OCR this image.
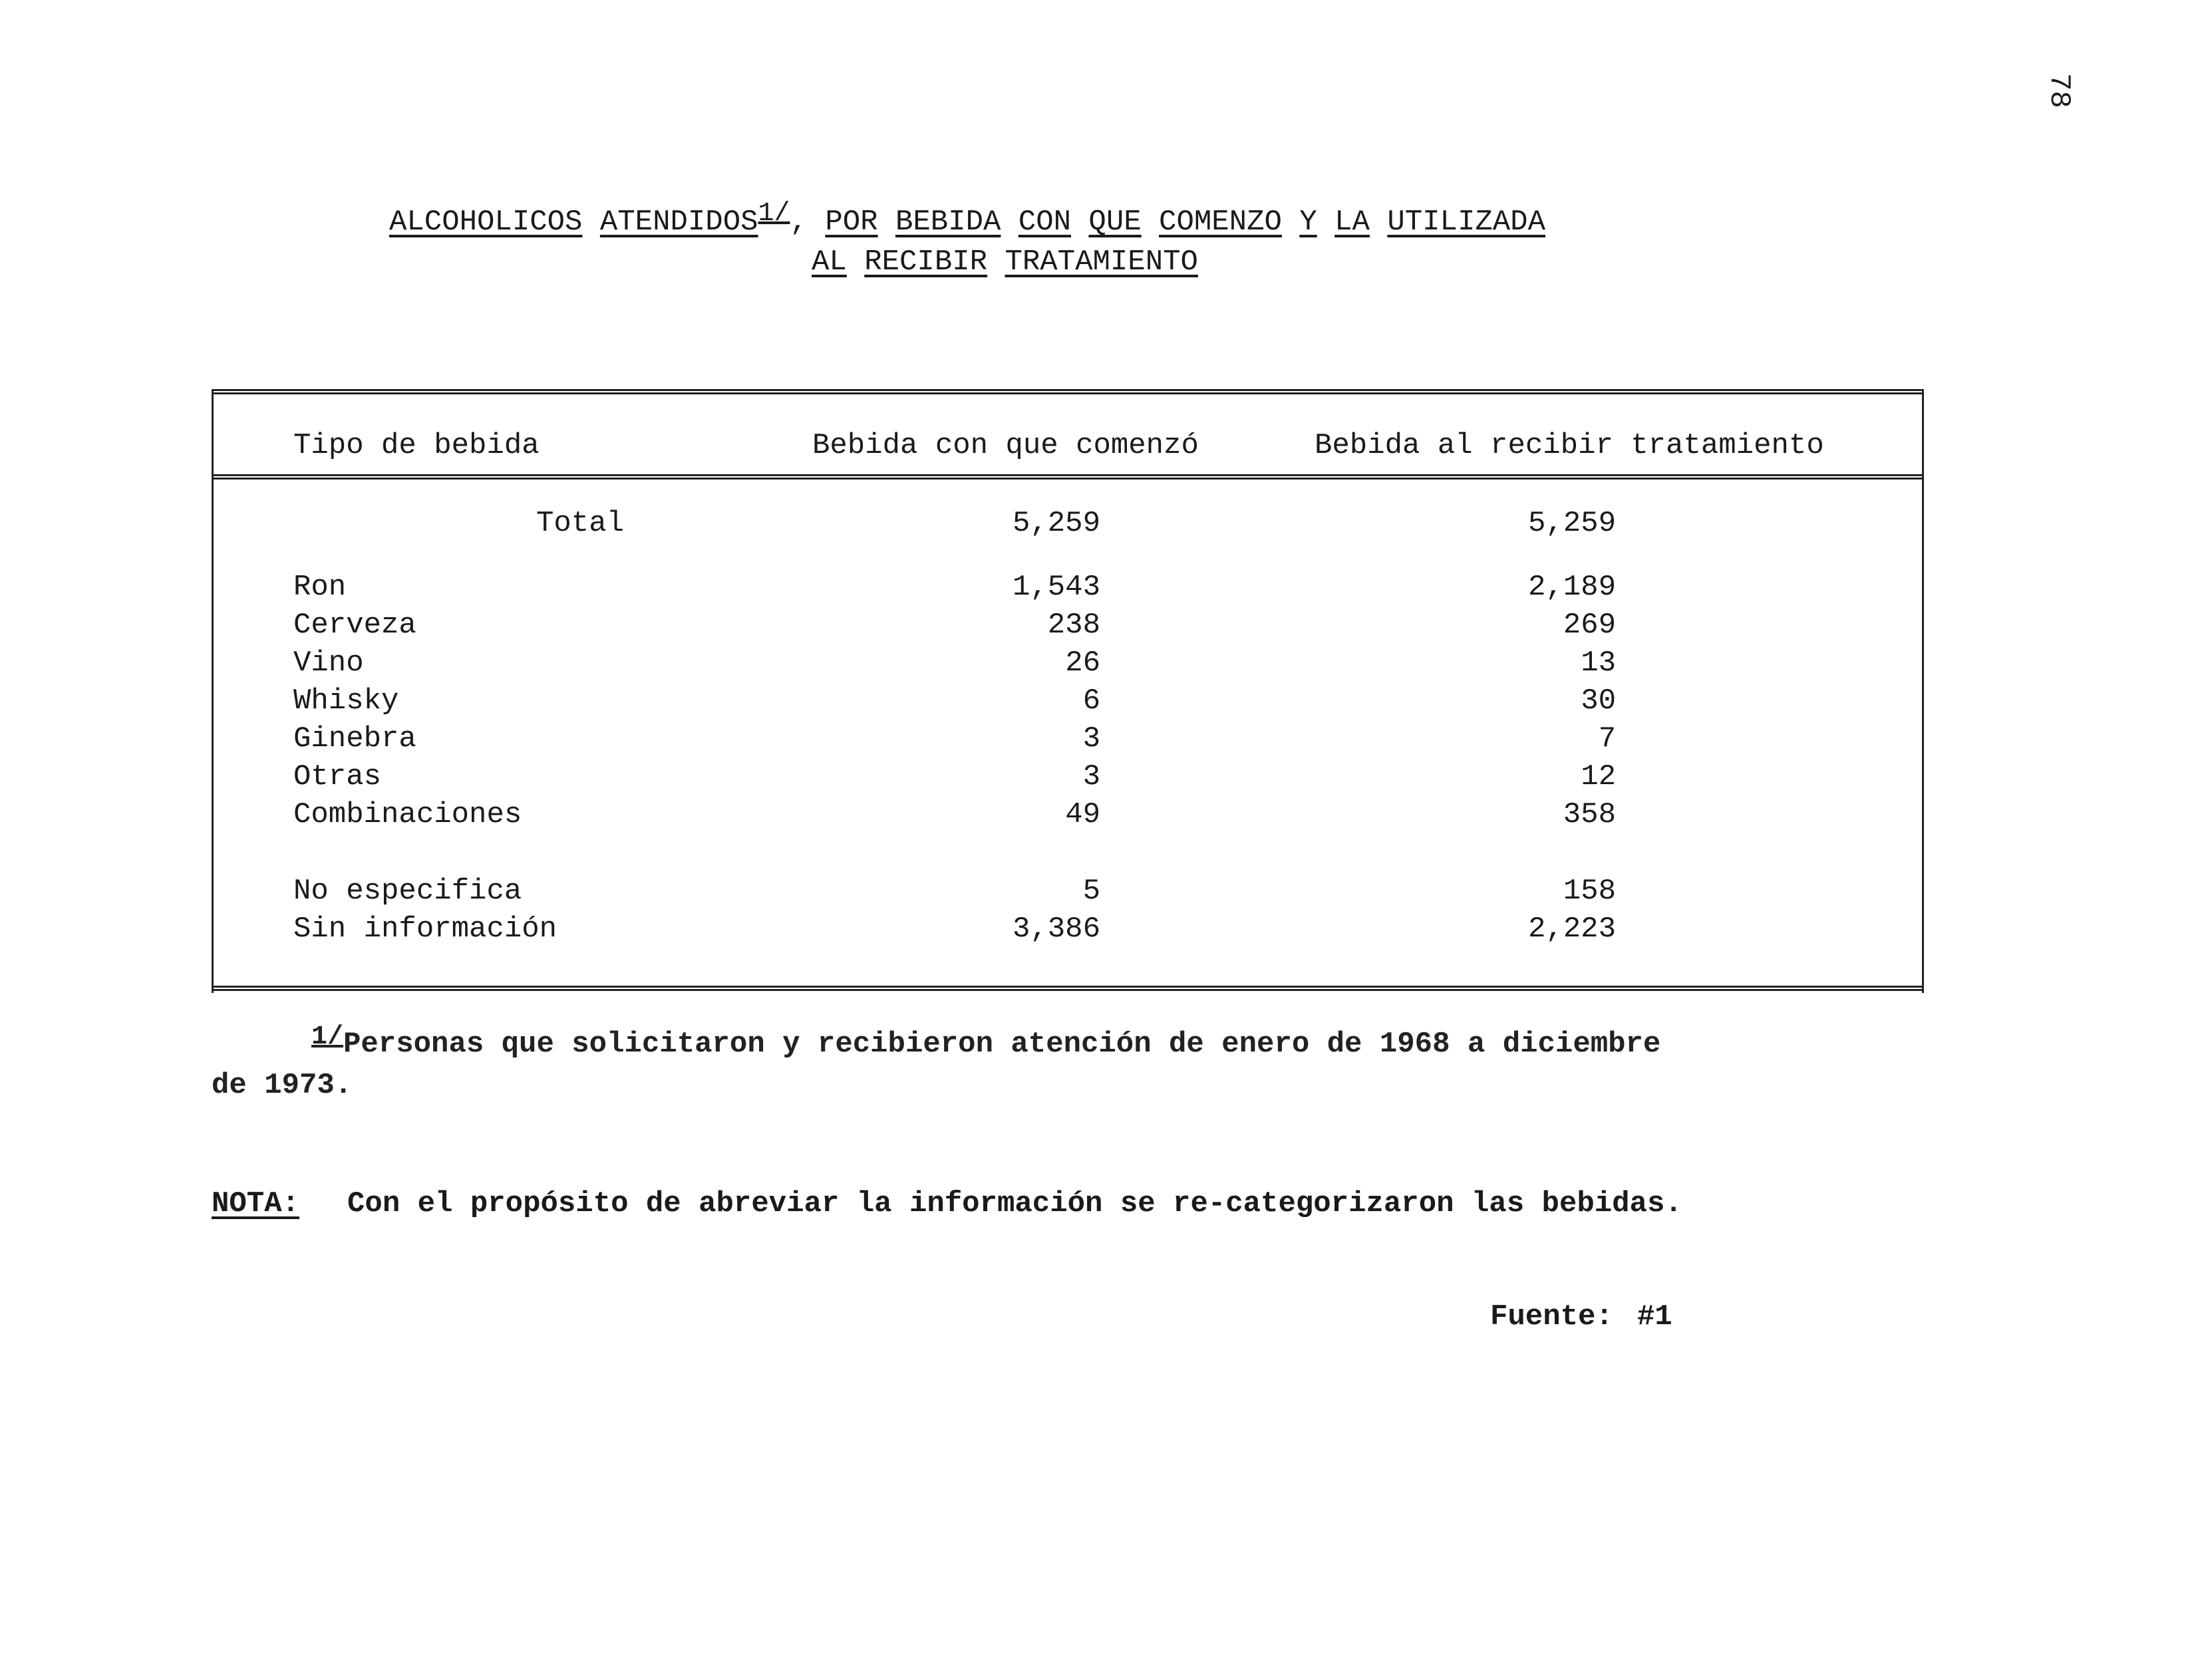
78
ALCOHOLICOS ATENDIDOS1/, POR BEBIDA CON QUE COMENZO Y LA UTILIZADA
AL RECIBIR TRATAMIENTO
Tipo de bebida	Bebida con que comenzó	Bebida al recibir tratamiento
Total	5,259	5,259
Ron	1,543	2,189
Cerveza	238	269
Vino	26	13
Whisky	6	30
Ginebra	3	7
Otras	3	12
Combinaciones	49	358
No especifica	5	158
Sin información	3,386	2,223
1/Personas que solicitaron y recibieron atención de enero de 1968 a diciembre
de 1973.
NOTA: Con el propósito de abreviar la información se re-categorizaron las bebidas.
Fuente: #1
